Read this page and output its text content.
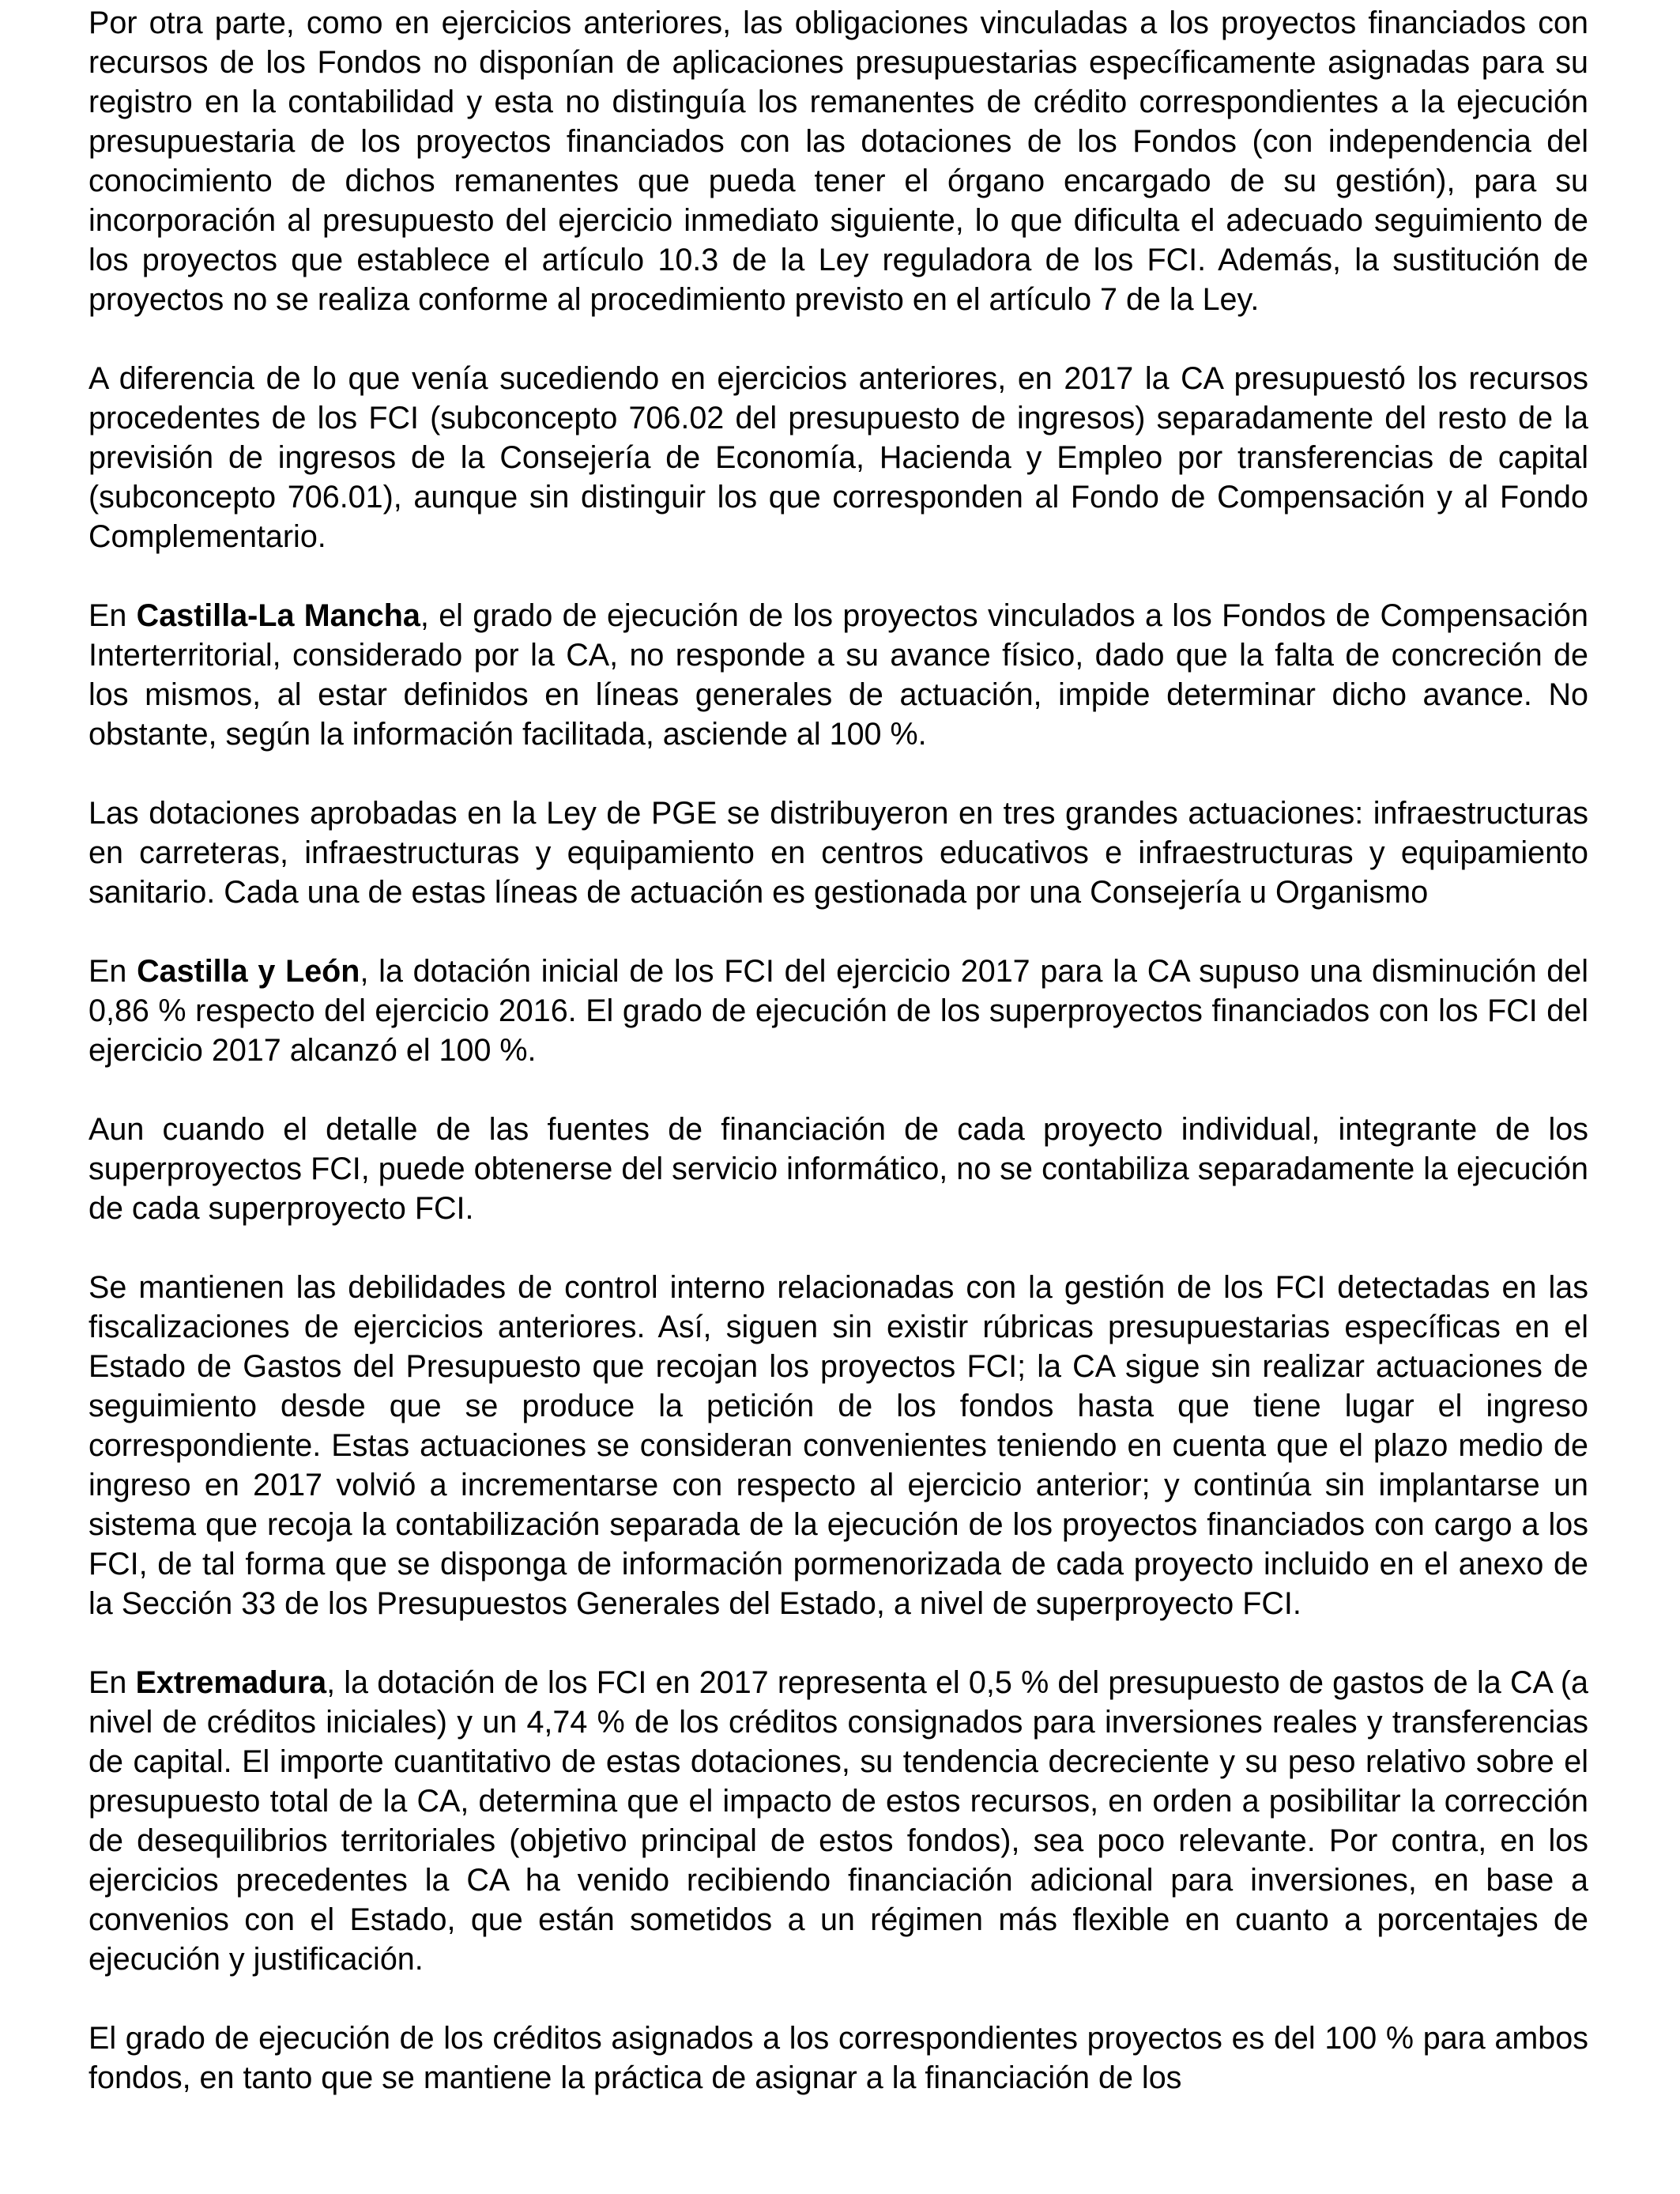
Por otra parte, como en ejercicios anteriores, las obligaciones vinculadas a los proyectos financiados con recursos de los Fondos no disponían de aplicaciones presupuestarias específicamente asignadas para su registro en la contabilidad y esta no distinguía los remanentes de crédito correspondientes a la ejecución presupuestaria de los proyectos financiados con las dotaciones de los Fondos (con independencia del conocimiento de dichos remanentes que pueda tener el órgano encargado de su gestión), para su incorporación al presupuesto del ejercicio inmediato siguiente, lo que dificulta el adecuado seguimiento de los proyectos que establece el artículo 10.3 de la Ley reguladora de los FCI. Además, la sustitución de proyectos no se realiza conforme al procedimiento previsto en el artículo 7 de la Ley.

A diferencia de lo que venía sucediendo en ejercicios anteriores, en 2017 la CA presupuestó los recursos procedentes de los FCI (subconcepto 706.02 del presupuesto de ingresos) separadamente del resto de la previsión de ingresos de la Consejería de Economía, Hacienda y Empleo por transferencias de capital (subconcepto 706.01), aunque sin distinguir los que corresponden al Fondo de Compensación y al Fondo Complementario.

En Castilla-La Mancha, el grado de ejecución de los proyectos vinculados a los Fondos de Compensación Interterritorial, considerado por la CA, no responde a su avance físico, dado que la falta de concreción de los mismos, al estar definidos en líneas generales de actuación, impide determinar dicho avance. No obstante, según la información facilitada, asciende al 100 %.

Las dotaciones aprobadas en la Ley de PGE se distribuyeron en tres grandes actuaciones: infraestructuras en carreteras, infraestructuras y equipamiento en centros educativos e infraestructuras y equipamiento sanitario. Cada una de estas líneas de actuación es gestionada por una Consejería u Organismo

En Castilla y León, la dotación inicial de los FCI del ejercicio 2017 para la CA supuso una disminución del 0,86 % respecto del ejercicio 2016. El grado de ejecución de los superproyectos financiados con los FCI del ejercicio 2017 alcanzó el 100 %.

Aun cuando el detalle de las fuentes de financiación de cada proyecto individual, integrante de los superproyectos FCI, puede obtenerse del servicio informático, no se contabiliza separadamente la ejecución de cada superproyecto FCI.

Se mantienen las debilidades de control interno relacionadas con la gestión de los FCI detectadas en las fiscalizaciones de ejercicios anteriores. Así, siguen sin existir rúbricas presupuestarias específicas en el Estado de Gastos del Presupuesto que recojan los proyectos FCI; la CA sigue sin realizar actuaciones de seguimiento desde que se produce la petición de los fondos hasta que tiene lugar el ingreso correspondiente. Estas actuaciones se consideran convenientes teniendo en cuenta que el plazo medio de ingreso en 2017 volvió a incrementarse con respecto al ejercicio anterior; y continúa sin implantarse un sistema que recoja la contabilización separada de la ejecución de los proyectos financiados con cargo a los FCI, de tal forma que se disponga de información pormenorizada de cada proyecto incluido en el anexo de la Sección 33 de los Presupuestos Generales del Estado, a nivel de superproyecto FCI.

En Extremadura, la dotación de los FCI en 2017 representa el 0,5 % del presupuesto de gastos de la CA (a nivel de créditos iniciales) y un 4,74 % de los créditos consignados para inversiones reales y transferencias de capital. El importe cuantitativo de estas dotaciones, su tendencia decreciente y su peso relativo sobre el presupuesto total de la CA, determina que el impacto de estos recursos, en orden a posibilitar la corrección de desequilibrios territoriales (objetivo principal de estos fondos), sea poco relevante. Por contra, en los ejercicios precedentes la CA ha venido recibiendo financiación adicional para inversiones, en base a convenios con el Estado, que están sometidos a un régimen más flexible en cuanto a porcentajes de ejecución y justificación.

El grado de ejecución de los créditos asignados a los correspondientes proyectos es del 100 % para ambos fondos, en tanto que se mantiene la práctica de asignar a la financiación de los
